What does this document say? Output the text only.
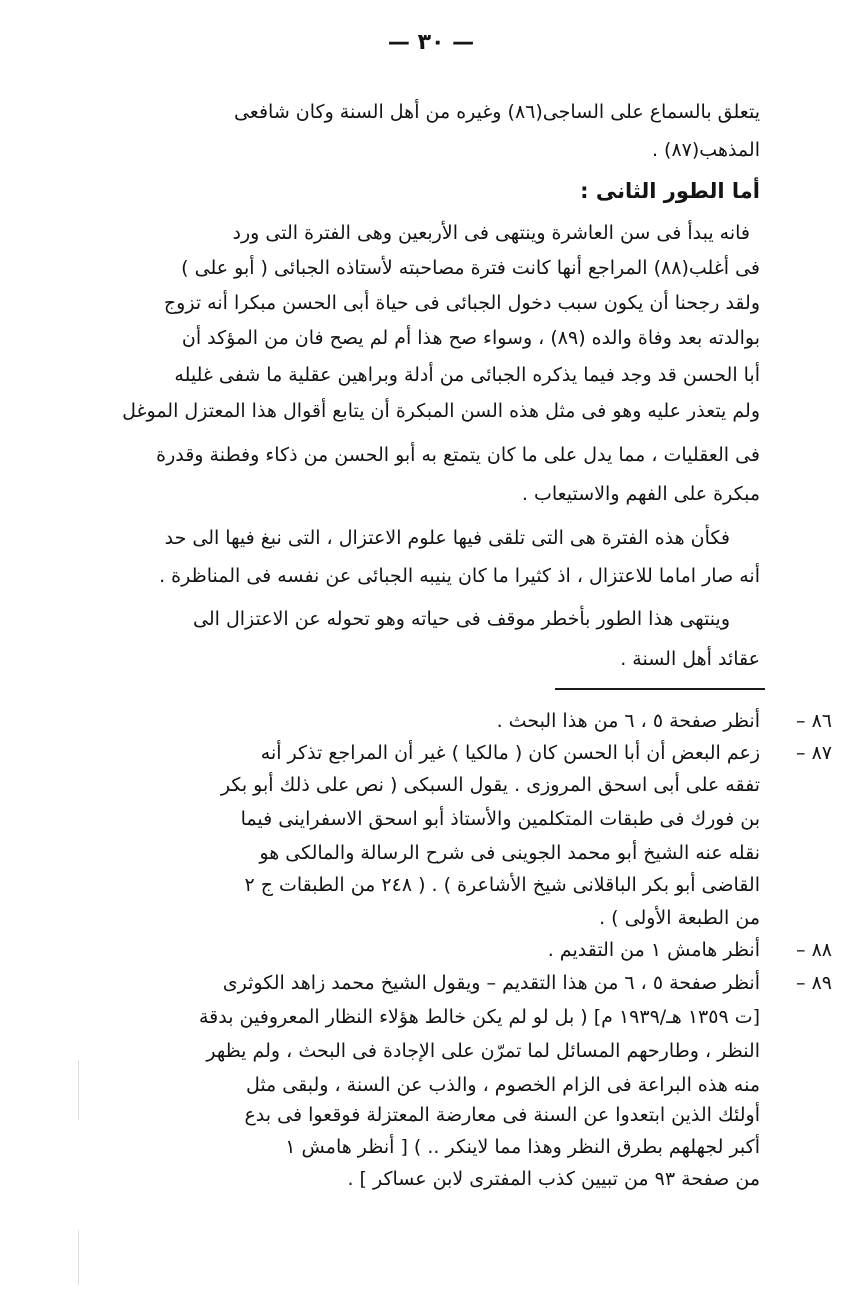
— ٣٠ —
يتعلق بالسماع على الساجى(٨٦) وغيره من أهل السنة وكان شافعى
المذهب(٨٧) .
أما الطور الثانى :
فانه يبدأ فى سن العاشرة وينتهى فى الأربعين وهى الفترة التى ورد
فى أغلب(٨٨) المراجع أنها كانت فترة مصاحبته لأستاذه الجبائى ( أبو على )
ولقد رجحنا أن يكون سبب دخول الجبائى فى حياة أبى الحسن مبكرا أنه تزوج
بوالدته بعد وفاة والده (٨٩) ، وسواء صح هذا أم لم يصح فان من المؤكد أن
أبا الحسن قد وجد فيما يذكره الجبائى من أدلة وبراهين عقلية ما شفى غليله
ولم يتعذر عليه وهو فى مثل هذه السن المبكرة أن يتابع أقوال هذا المعتزل الموغل
فى العقليات ، مما يدل على ما كان يتمتع به أبو الحسن من ذكاء وفطنة وقدرة
مبكرة على الفهم والاستيعاب .
فكأن هذه الفترة هى التى تلقى فيها علوم الاعتزال ، التى نبغ فيها الى حد
أنه صار اماما للاعتزال ، اذ كثيرا ما كان ينيبه الجبائى عن نفسه فى المناظرة .
وينتهى هذا الطور بأخطر موقف فى حياته وهو تحوله عن الاعتزال الى
عقائد أهل السنة .
٨٦ –
أنظر صفحة ٥ ، ٦ من هذا البحث .
٨٧ –
زعم البعض أن أبا الحسن كان ( مالكيا ) غير أن المراجع تذكر أنه
تفقه على أبى اسحق المروزى . يقول السبكى ( نص على ذلك أبو بكر
بن فورك فى طبقات المتكلمين والأستاذ أبو اسحق الاسفراينى فيما
نقله عنه الشيخ أبو محمد الجوينى فى شرح الرسالة والمالكى هو
القاضى أبو بكر الباقلانى شيخ الأشاعرة ) . ( ٢٤٨ من الطبقات ج ٢
من الطبعة الأولى ) .
٨٨ –
أنظر هامش ١ من التقديم .
٨٩ –
أنظر صفحة ٥ ، ٦ من هذا التقديم – ويقول الشيخ محمد زاهد الكوثرى
[ت ١٣٥٩ هـ/١٩٣٩ م] ( بل لو لم يكن خالط هؤلاء النظار المعروفين بدقة
النظر ، وطارحهم المسائل لما تمرّن على الإجادة فى البحث ، ولم يظهر
منه هذه البراعة فى الزام الخصوم ، والذب عن السنة ، ولبقى مثل
أولئك الذين ابتعدوا عن السنة فى معارضة المعتزلة فوقعوا فى بدع
أكبر لجهلهم بطرق النظر وهذا مما لاينكر .. ) [ أنظر هامش ١
من صفحة ٩٣ من تبيين كذب المفترى لابن عساكر ] .
